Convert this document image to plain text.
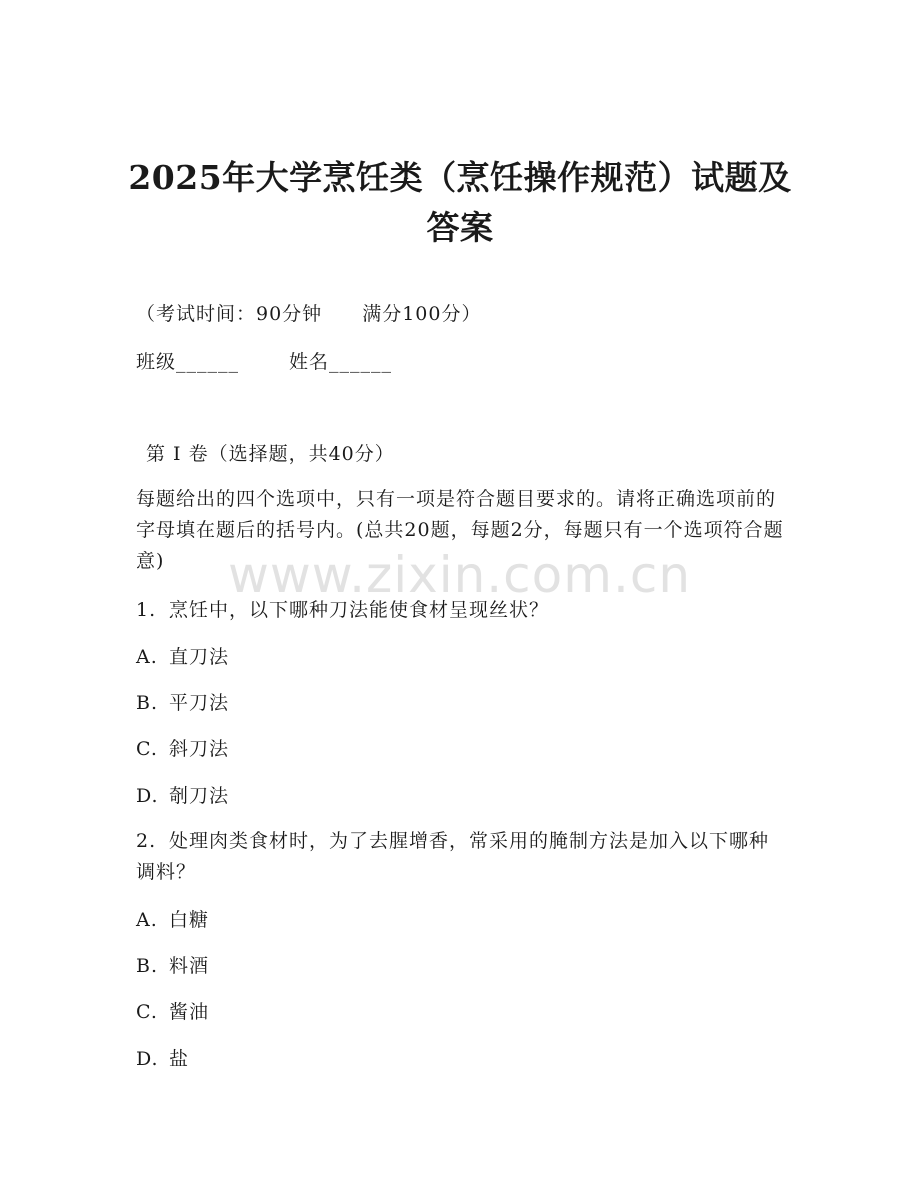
2025年大学烹饪类（烹饪操作规范）试题及
答案
（考试时间：90分钟 满分100分）
班级______	姓名______
第 I 卷（选择题，共40分）
每题给出的四个选项中，只有一项是符合题目要求的。请将正确选项前的字母填在题后的括号内。(总共20题，每题2分，每题只有一个选项符合题意)	www.zixin.com.cn
1. 烹饪中，以下哪种刀法能使食材呈现丝状？
A. 直刀法
B. 平刀法
C. 斜刀法
D. 剞刀法
2. 处理肉类食材时，为了去腥增香，常采用的腌制方法是加入以下哪种调料？
A. 白糖
B. 料酒
C. 酱油
D. 盐
